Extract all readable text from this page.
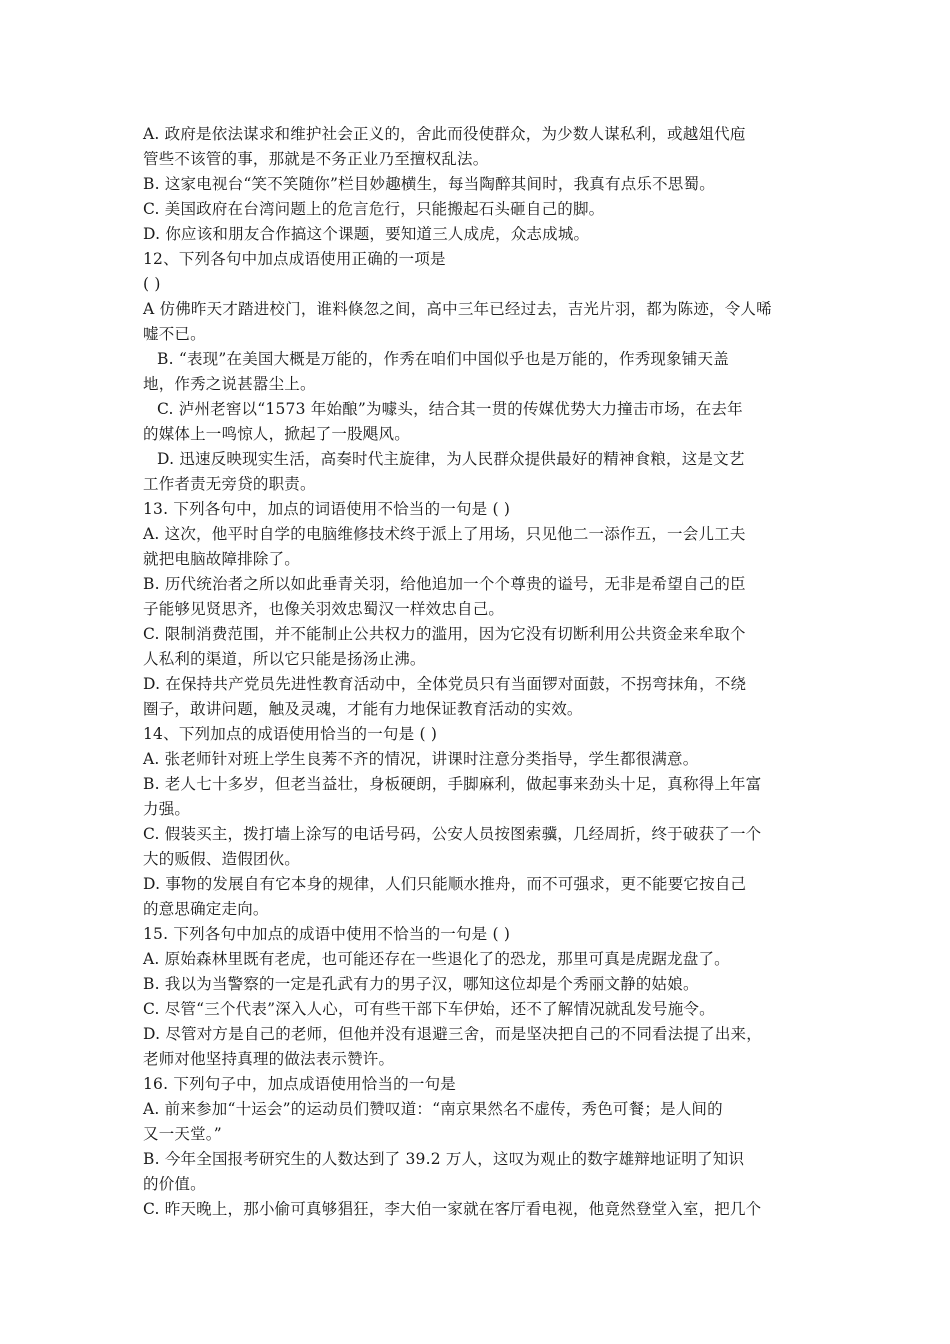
A. 政府是依法谋求和维护社会正义的，舍此而役使群众，为少数人谋私利，或越俎代庖
管些不该管的事，那就是不务正业乃至擅权乱法。
B. 这家电视台“笑不笑随你”栏目妙趣横生，每当陶醉其间时，我真有点乐不思蜀。
C. 美国政府在台湾问题上的危言危行，只能搬起石头砸自己的脚。
D. 你应该和朋友合作搞这个课题，要知道三人成虎，众志成城。
12、下列各句中加点成语使用正确的一项是
( )
A 仿佛昨天才踏进校门，谁料倏忽之间，高中三年已经过去，吉光片羽，都为陈迹，令人唏
嘘不已。
B. “表现”在美国大概是万能的，作秀在咱们中国似乎也是万能的，作秀现象铺天盖
地，作秀之说甚嚣尘上。
C. 泸州老窖以“1573 年始酿”为噱头，结合其一贯的传媒优势大力撞击市场，在去年
的媒体上一鸣惊人，掀起了一股飓风。
D. 迅速反映现实生活，高奏时代主旋律，为人民群众提供最好的精神食粮，这是文艺
工作者责无旁贷的职责。
13. 下列各句中，加点的词语使用不恰当的一句是 ( )
A. 这次，他平时自学的电脑维修技术终于派上了用场，只见他二一添作五，一会儿工夫
就把电脑故障排除了。
B. 历代统治者之所以如此垂青关羽，给他追加一个个尊贵的谥号，无非是希望自己的臣
子能够见贤思齐，也像关羽效忠蜀汉一样效忠自己。
C. 限制消费范围，并不能制止公共权力的滥用，因为它没有切断利用公共资金来牟取个
人私利的渠道，所以它只能是扬汤止沸。
D. 在保持共产党员先进性教育活动中，全体党员只有当面锣对面鼓，不拐弯抹角，不绕
圈子，敢讲问题，触及灵魂，才能有力地保证教育活动的实效。
14、下列加点的成语使用恰当的一句是 ( )
A. 张老师针对班上学生良莠不齐的情况，讲课时注意分类指导，学生都很满意。
B. 老人七十多岁，但老当益壮，身板硬朗，手脚麻利，做起事来劲头十足，真称得上年富
力强。
C. 假装买主，拨打墙上涂写的电话号码，公安人员按图索骥，几经周折，终于破获了一个
大的贩假、造假团伙。
D. 事物的发展自有它本身的规律，人们只能顺水推舟，而不可强求，更不能要它按自己
的意思确定走向。
15. 下列各句中加点的成语中使用不恰当的一句是 ( )
A. 原始森林里既有老虎，也可能还存在一些退化了的恐龙，那里可真是虎踞龙盘了。
B. 我以为当警察的一定是孔武有力的男子汉，哪知这位却是个秀丽文静的姑娘。
C. 尽管“三个代表”深入人心，可有些干部下车伊始，还不了解情况就乱发号施令。
D. 尽管对方是自己的老师，但他并没有退避三舍，而是坚决把自己的不同看法提了出来，
老师对他坚持真理的做法表示赞许。
16. 下列句子中，加点成语使用恰当的一句是
A. 前来参加“十运会”的运动员们赞叹道：“南京果然名不虚传，秀色可餐；是人间的
又一天堂。”
B. 今年全国报考研究生的人数达到了 39.2 万人，这叹为观止的数字雄辩地证明了知识
的价值。
C. 昨天晚上，那小偷可真够猖狂，李大伯一家就在客厅看电视，他竟然登堂入室，把几个
